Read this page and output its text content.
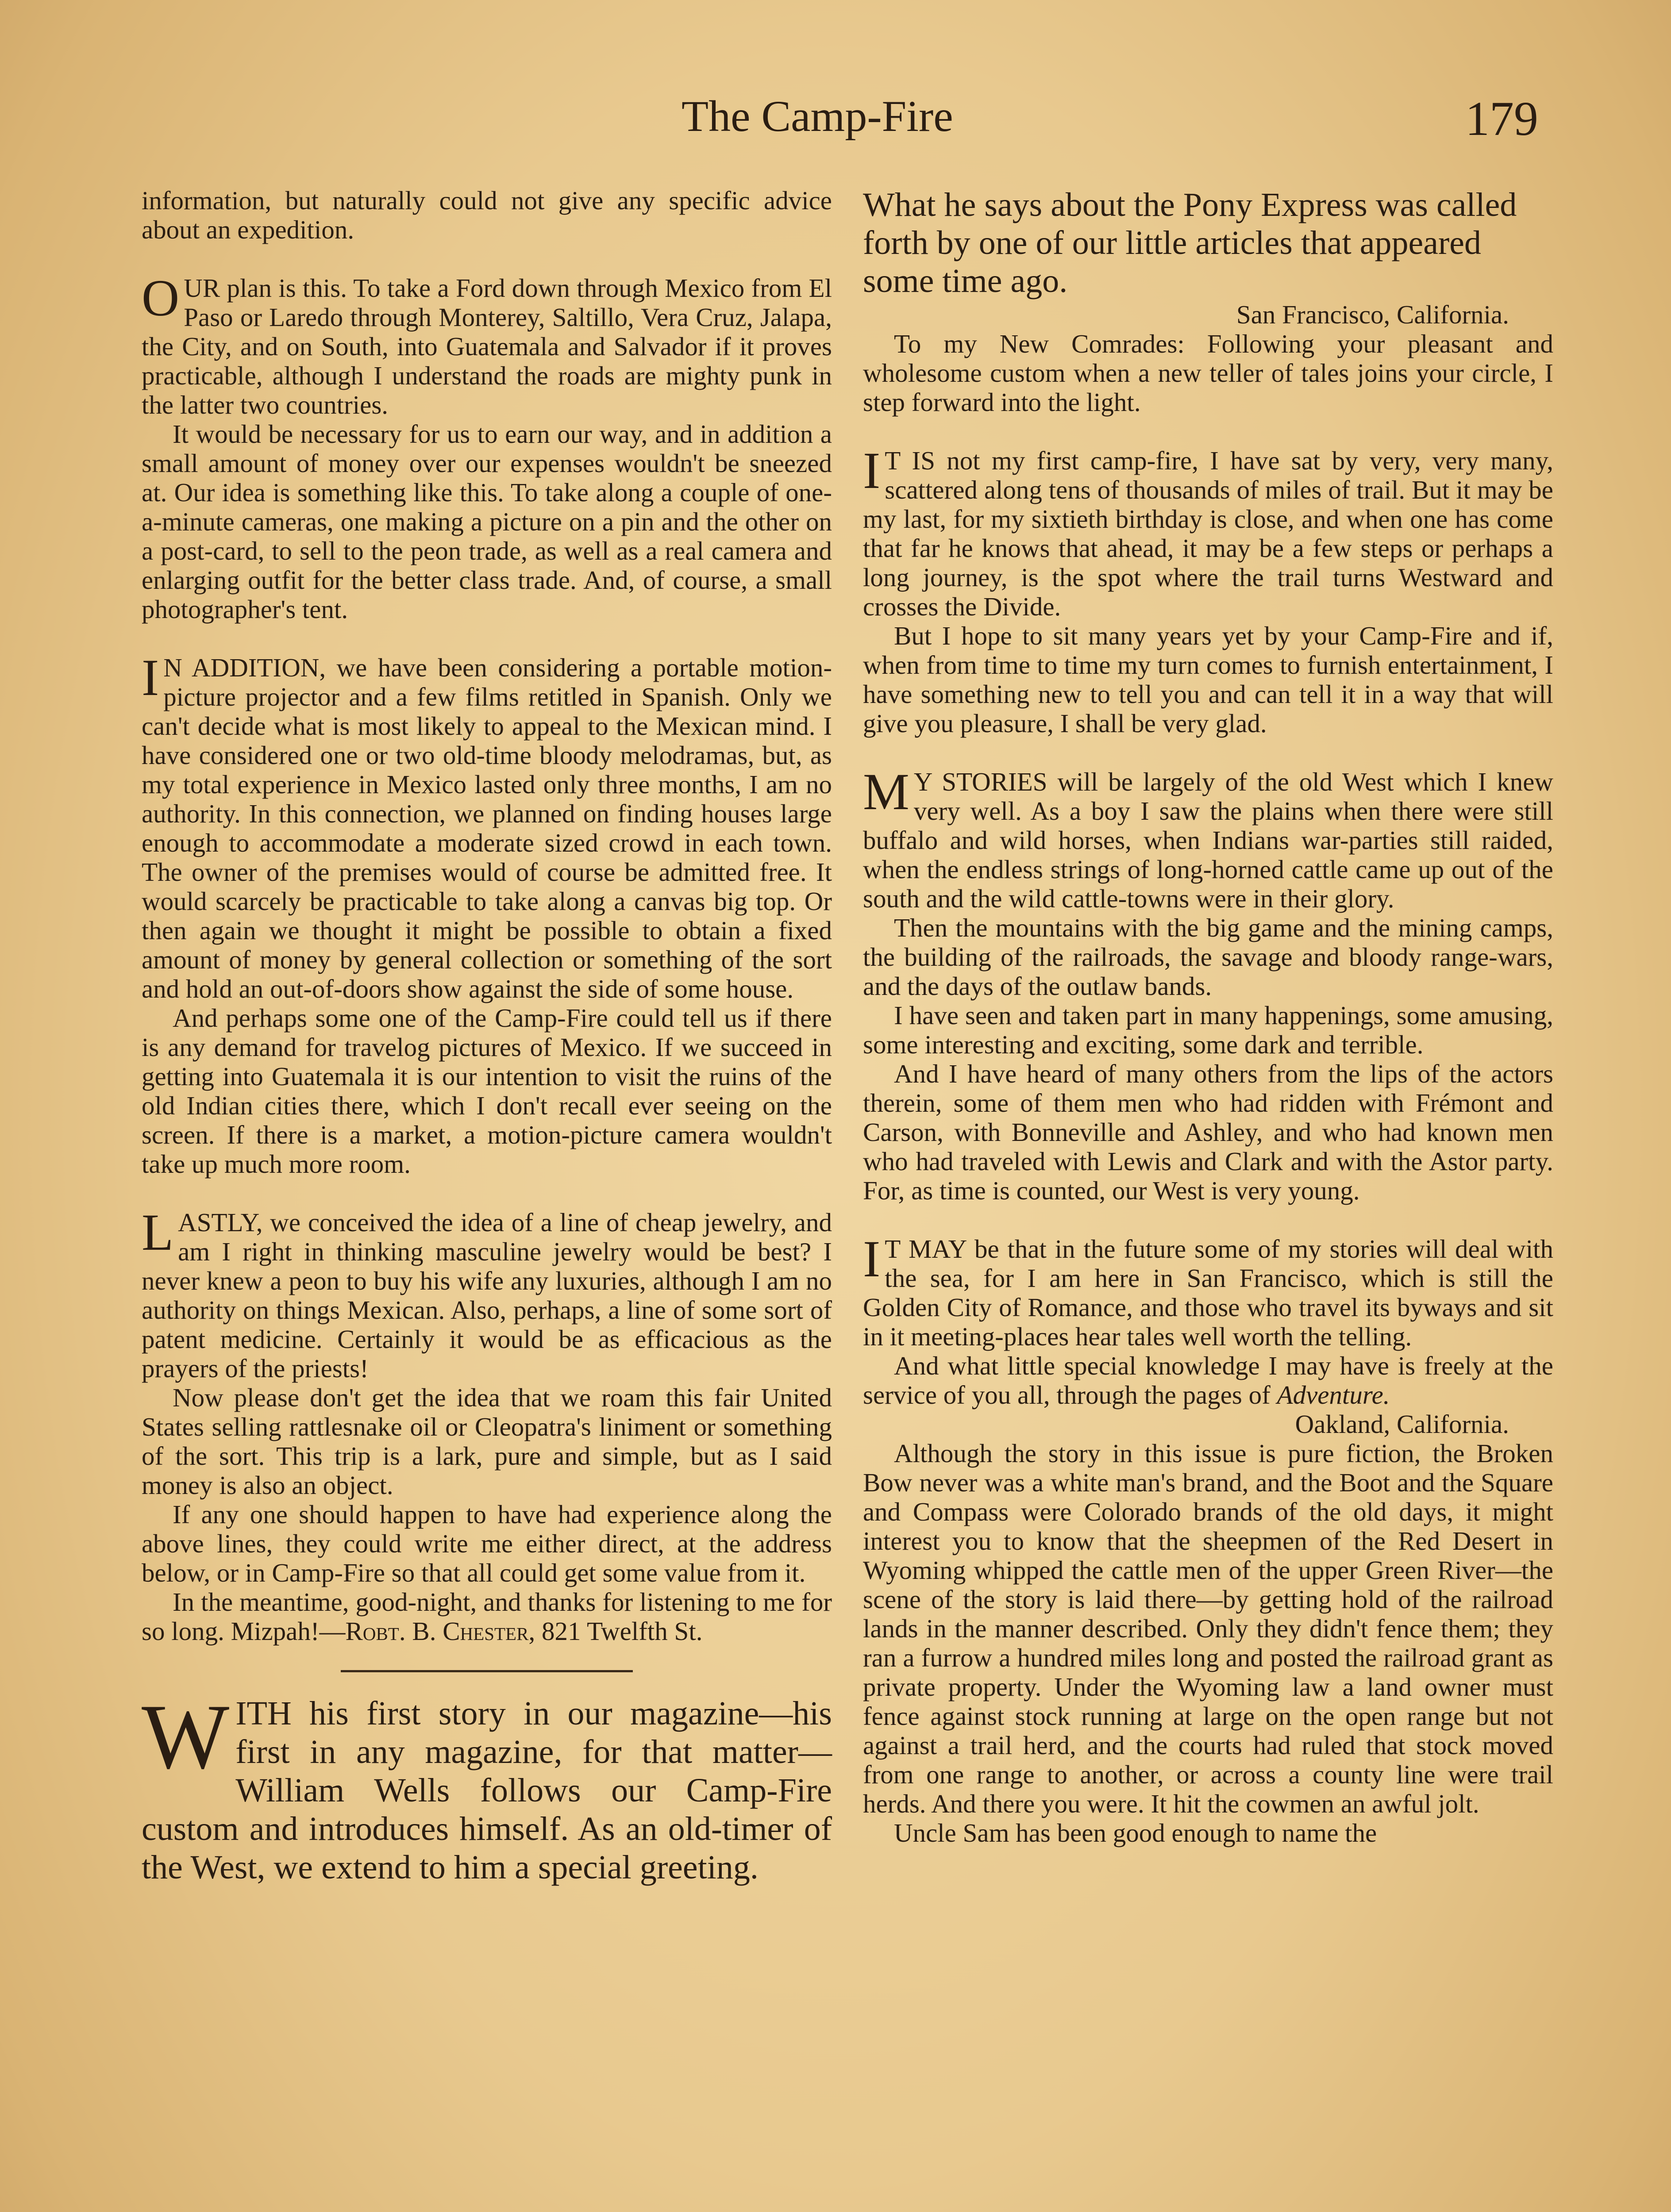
The Camp-Fire	179

information, but naturally could not give any specific advice about an expedition.

OUR plan is this. To take a Ford down through Mexico from El Paso or Laredo through Monterey, Saltillo, Vera Cruz, Jalapa, the City, and on South, into Guatemala and Salvador if it proves practicable, although I understand the roads are mighty punk in the latter two countries.

It would be necessary for us to earn our way, and in addition a small amount of money over our expenses wouldn't be sneezed at. Our idea is something like this. To take along a couple of one-a-minute cameras, one making a picture on a pin and the other on a post-card, to sell to the peon trade, as well as a real camera and enlarging outfit for the better class trade. And, of course, a small photographer's tent.

I N ADDITION, we have been considering a portable motion-picture projector and a few films retitled in Spanish. Only we can't decide what is most likely to appeal to the Mexican mind. I have considered one or two old-time bloody melodramas, but, as my total experience in Mexico lasted only three months, I am no authority. In this connection, we planned on finding houses large enough to accommodate a moderate sized crowd in each town. The owner of the premises would of course be admitted free. It would scarcely be practicable to take along a canvas big top. Or then again we thought it might be possible to obtain a fixed amount of money by general collection or something of the sort and hold an out-of-doors show against the side of some house.

And perhaps some one of the Camp-Fire could tell us if there is any demand for travelog pictures of Mexico. If we succeed in getting into Guatemala it is our intention to visit the ruins of the old Indian cities there, which I don't recall ever seeing on the screen. If there is a market, a motion-picture camera wouldn't take up much more room.

LASTLY, we conceived the idea of a line of cheap jewelry, and am I right in thinking masculine jewelry would be best? I never knew a peon to buy his wife any luxuries, although I am no authority on things Mexican. Also, perhaps, a line of some sort of patent medicine. Certainly it would be as efficacious as the prayers of the priests!

Now please don't get the idea that we roam this fair United States selling rattlesnake oil or Cleopatra's liniment or something of the sort. This trip is a lark, pure and simple, but as I said money is also an object.

If any one should happen to have had experience along the above lines, they could write me either direct, at the address below, or in Camp-Fire so that all could get some value from it.

In the meantime, good-night, and thanks for listening to me for so long. Mizpah!—Robt. B. Chester, 821 Twelfth St.

WITH his first story in our magazine—his first in any magazine, for that matter—William Wells follows our Camp-Fire custom and introduces himself. As an old-timer of the West, we extend to him a special greeting.

What he says about the Pony Express was called forth by one of our little articles that appeared some time ago.

San Francisco, California.

To my New Comrades: Following your pleasant and wholesome custom when a new teller of tales joins your circle, I step forward into the light.

I T IS not my first camp-fire, I have sat by very, very many, scattered along tens of thousands of miles of trail. But it may be my last, for my sixtieth birthday is close, and when one has come that far he knows that ahead, it may be a few steps or perhaps a long journey, is the spot where the trail turns Westward and crosses the Divide.

But I hope to sit many years yet by your Camp-Fire and if, when from time to time my turn comes to furnish entertainment, I have something new to tell you and can tell it in a way that will give you pleasure, I shall be very glad.

M Y STORIES will be largely of the old West which I knew very well. As a boy I saw the plains when there were still buffalo and wild horses, when Indians war-parties still raided, when the endless strings of long-horned cattle came up out of the south and the wild cattle-towns were in their glory.

Then the mountains with the big game and the mining camps, the building of the railroads, the savage and bloody range-wars, and the days of the outlaw bands.

I have seen and taken part in many happenings, some amusing, some interesting and exciting, some dark and terrible.

And I have heard of many others from the lips of the actors therein, some of them men who had ridden with Frémont and Carson, with Bonneville and Ashley, and who had known men who had traveled with Lewis and Clark and with the Astor party. For, as time is counted, our West is very young.

I T MAY be that in the future some of my stories will deal with the sea, for I am here in San Francisco, which is still the Golden City of Romance, and those who travel its byways and sit in it meeting-places hear tales well worth the telling.

And what little special knowledge I may have is freely at the service of you all, through the pages of Adventure.

Oakland, California.

Although the story in this issue is pure fiction, the Broken Bow never was a white man's brand, and the Boot and the Square and Compass were Colorado brands of the old days, it might interest you to know that the sheepmen of the Red Desert in Wyoming whipped the cattle men of the upper Green River—the scene of the story is laid there—by getting hold of the railroad lands in the manner described. Only they didn't fence them; they ran a furrow a hundred miles long and posted the railroad grant as private property. Under the Wyoming law a land owner must fence against stock running at large on the open range but not against a trail herd, and the courts had ruled that stock moved from one range to another, or across a county line were trail herds. And there you were. It hit the cowmen an awful jolt.

Uncle Sam has been good enough to name the
